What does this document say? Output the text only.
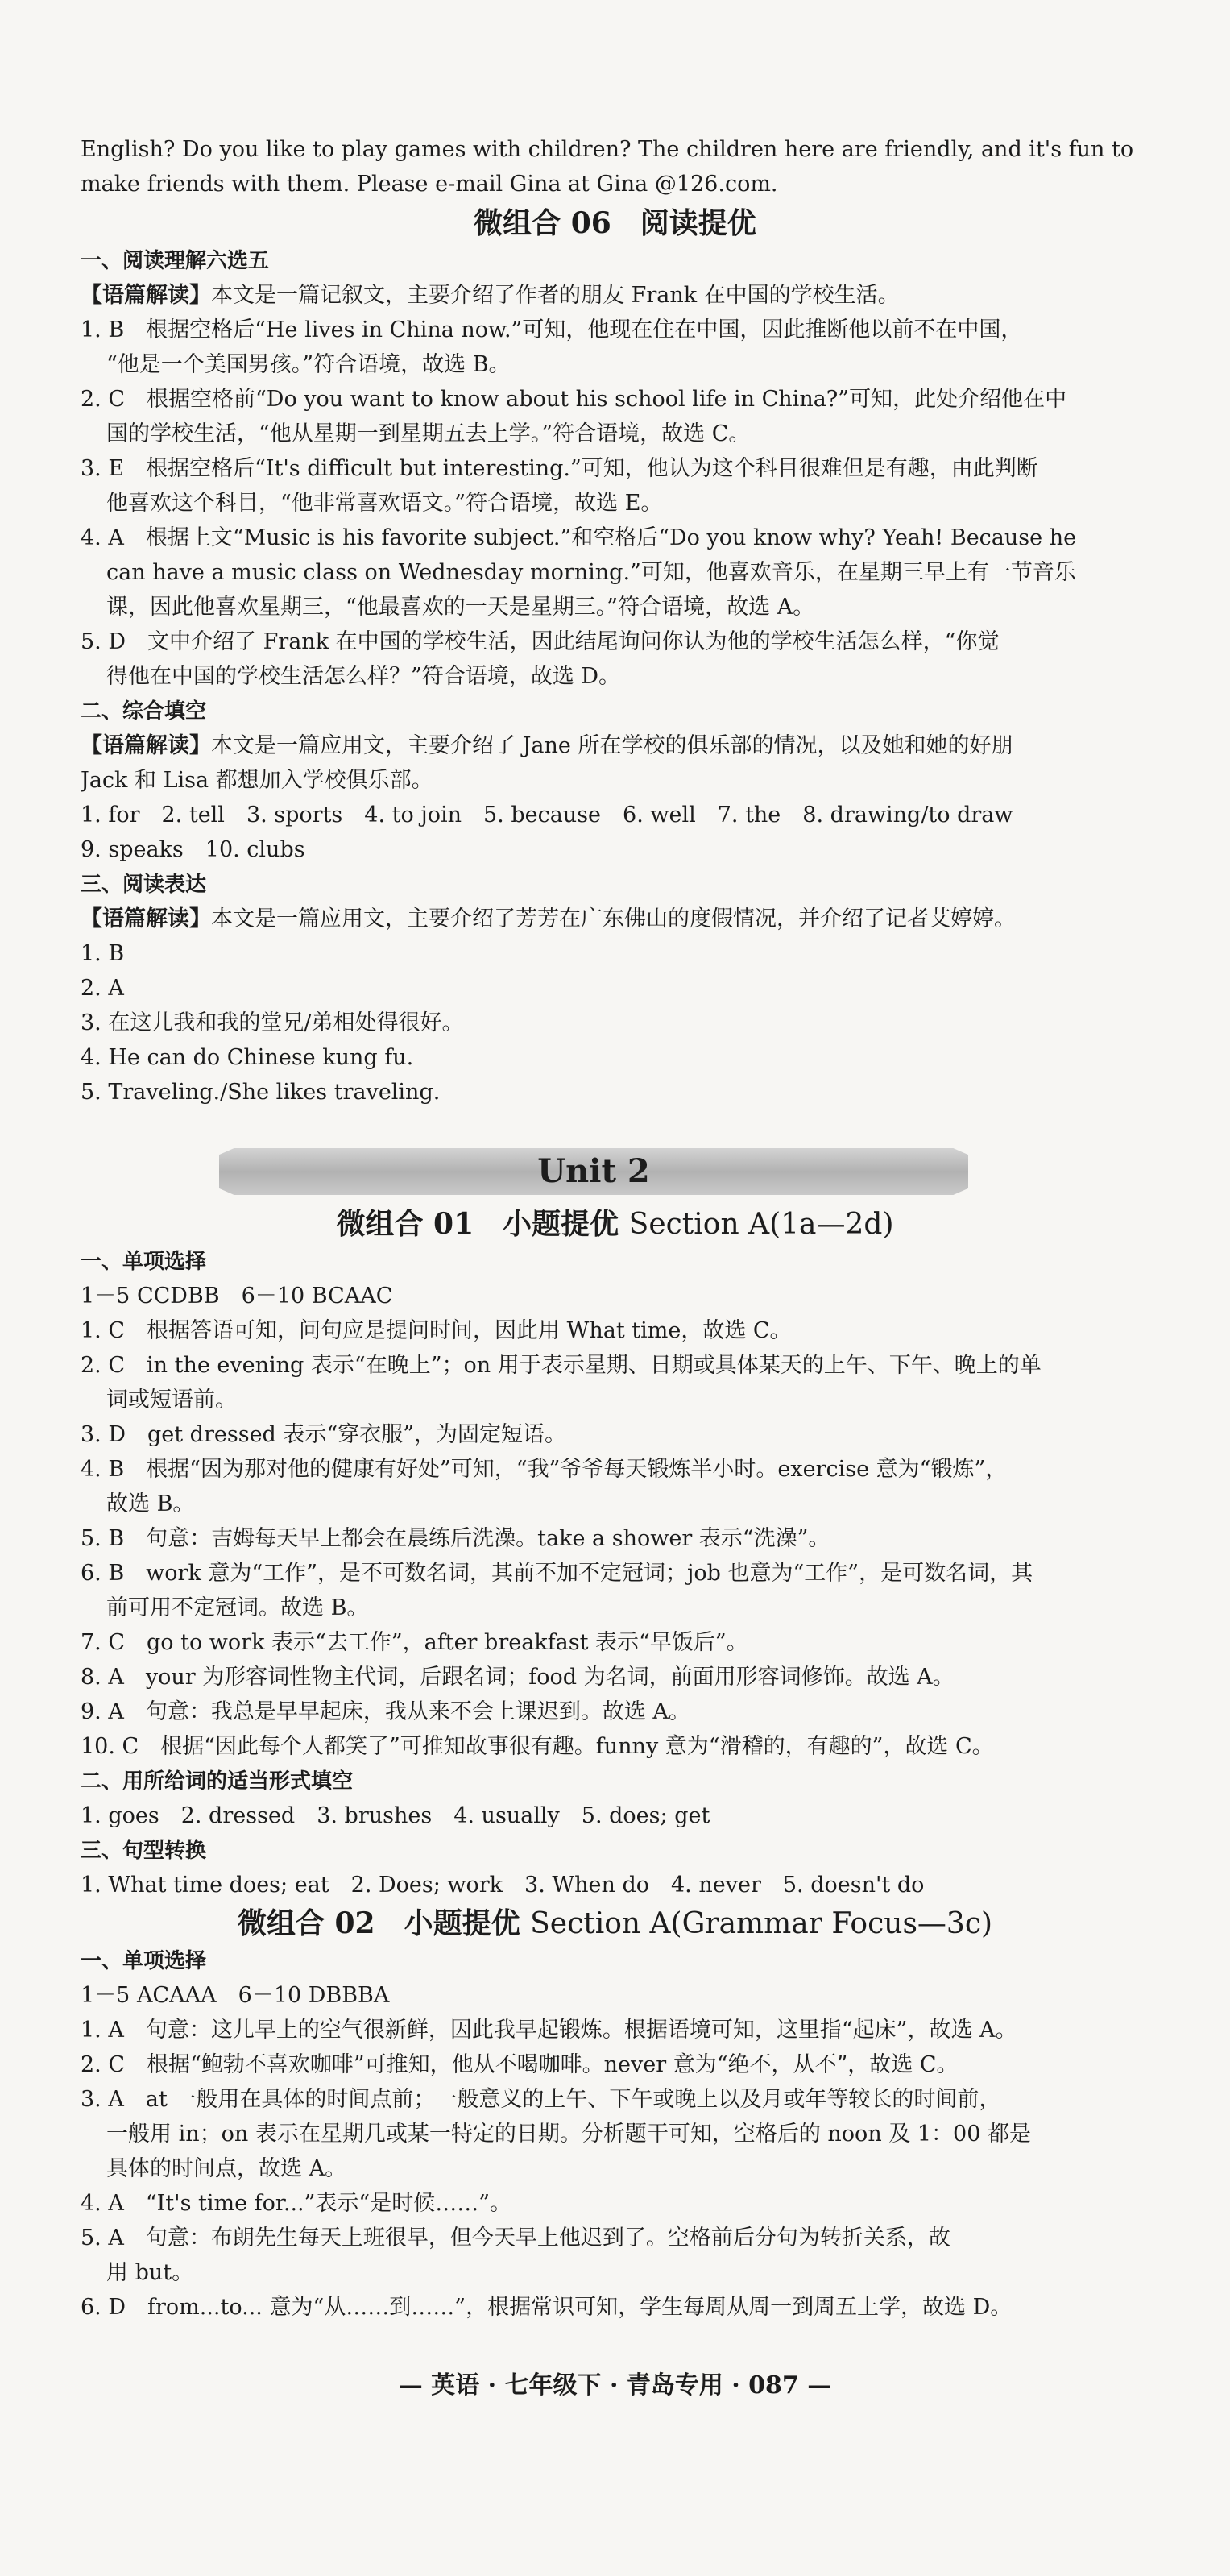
English? Do you like to play games with children? The children here are friendly, and it's fun to
make friends with them. Please e-mail Gina at Gina @126.com.
微组合 06　阅读提优
一、阅读理解六选五
【语篇解读】本文是一篇记叙文，主要介绍了作者的朋友 Frank 在中国的学校生活。
1. B　根据空格后“He lives in China now.”可知，他现在住在中国，因此推断他以前不在中国，
“他是一个美国男孩。”符合语境，故选 B。
2. C　根据空格前“Do you want to know about his school life in China?”可知，此处介绍他在中
国的学校生活，“他从星期一到星期五去上学。”符合语境，故选 C。
3. E　根据空格后“It's difficult but interesting.”可知，他认为这个科目很难但是有趣，由此判断
他喜欢这个科目，“他非常喜欢语文。”符合语境，故选 E。
4. A　根据上文“Music is his favorite subject.”和空格后“Do you know why? Yeah! Because he
can have a music class on Wednesday morning.”可知，他喜欢音乐，在星期三早上有一节音乐
课，因此他喜欢星期三，“他最喜欢的一天是星期三。”符合语境，故选 A。
5. D　文中介绍了 Frank 在中国的学校生活，因此结尾询问你认为他的学校生活怎么样，“你觉
得他在中国的学校生活怎么样？”符合语境，故选 D。
二、综合填空
【语篇解读】本文是一篇应用文，主要介绍了 Jane 所在学校的俱乐部的情况，以及她和她的好朋
Jack 和 Lisa 都想加入学校俱乐部。
1. for　2. tell　3. sports　4. to join　5. because　6. well　7. the　8. drawing/to draw
9. speaks　10. clubs
三、阅读表达
【语篇解读】本文是一篇应用文，主要介绍了芳芳在广东佛山的度假情况，并介绍了记者艾婷婷。
1. B
2. A
3. 在这儿我和我的堂兄/弟相处得很好。
4. He can do Chinese kung fu.
5. Traveling./She likes traveling.
Unit 2
微组合 01　小题提优 Section A(1a—2d)
一、单项选择
1－5 CCDBB　6－10 BCAAC
1. C　根据答语可知，问句应是提问时间，因此用 What time，故选 C。
2. C　in the evening 表示“在晚上”；on 用于表示星期、日期或具体某天的上午、下午、晚上的单
词或短语前。
3. D　get dressed 表示“穿衣服”，为固定短语。
4. B　根据“因为那对他的健康有好处”可知，“我”爷爷每天锻炼半小时。exercise 意为“锻炼”，
故选 B。
5. B　句意：吉姆每天早上都会在晨练后洗澡。take a shower 表示“洗澡”。
6. B　work 意为“工作”，是不可数名词，其前不加不定冠词；job 也意为“工作”，是可数名词，其
前可用不定冠词。故选 B。
7. C　go to work 表示“去工作”，after breakfast 表示“早饭后”。
8. A　your 为形容词性物主代词，后跟名词；food 为名词，前面用形容词修饰。故选 A。
9. A　句意：我总是早早起床，我从来不会上课迟到。故选 A。
10. C　根据“因此每个人都笑了”可推知故事很有趣。funny 意为“滑稽的，有趣的”，故选 C。
二、用所给词的适当形式填空
1. goes　2. dressed　3. brushes　4. usually　5. does; get
三、句型转换
1. What time does; eat　2. Does; work　3. When do　4. never　5. doesn't do
微组合 02　小题提优 Section A(Grammar Focus—3c)
一、单项选择
1－5 ACAAA　6－10 DBBBA
1. A　句意：这儿早上的空气很新鲜，因此我早起锻炼。根据语境可知，这里指“起床”，故选 A。
2. C　根据“鲍勃不喜欢咖啡”可推知，他从不喝咖啡。never 意为“绝不，从不”，故选 C。
3. A　at 一般用在具体的时间点前；一般意义的上午、下午或晚上以及月或年等较长的时间前，
一般用 in；on 表示在星期几或某一特定的日期。分析题干可知，空格后的 noon 及 1：00 都是
具体的时间点，故选 A。
4. A　“It's time for...”表示“是时候……”。
5. A　句意：布朗先生每天上班很早，但今天早上他迟到了。空格前后分句为转折关系，故
用 but。
6. D　from...to... 意为“从……到……”，根据常识可知，学生每周从周一到周五上学，故选 D。
— 英语 · 七年级下 · 青岛专用 · 087 —
